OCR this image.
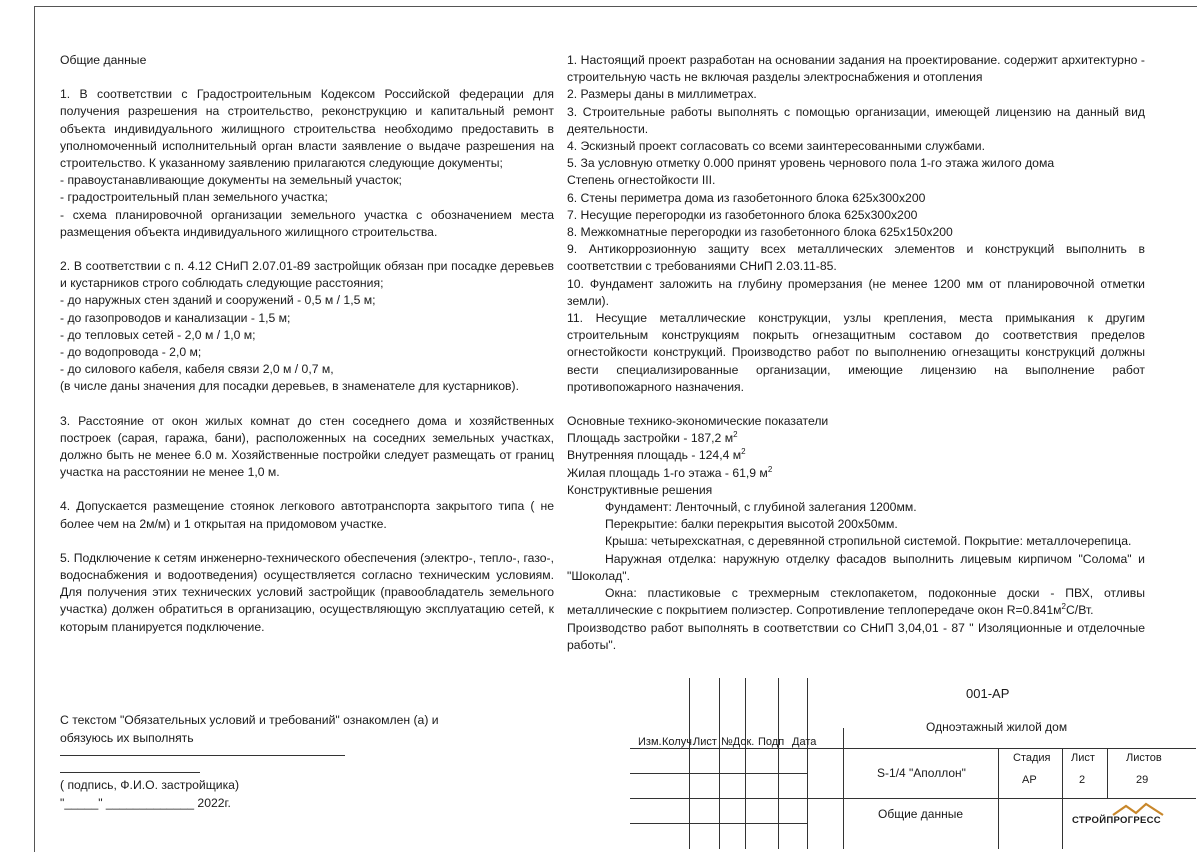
Общие данные

1. В соответствии с Градостроительным Кодексом Российской федерации для получения разрешения на строительство, реконструкцию и капитальный ремонт объекта индивидуального жилищного строительства необходимо предоставить в уполномоченный исполнительный орган власти заявление о выдаче разрешения на строительство. К указанному заявлению прилагаются следующие документы;

- правоустанавливающие документы на земельный участок;

- градостроительный план земельного участка;

- схема планировочной организации земельного участка с обозначением места размещения объекта индивидуального жилищного строительства.

2. В соответствии с п. 4.12 СНиП 2.07.01-89 застройщик обязан при посадке деревьев и кустарников строго соблюдать следующие расстояния;

- до наружных стен зданий и сооружений - 0,5 м / 1,5 м;

- до газопроводов и канализации - 1,5 м;

- до тепловых сетей - 2,0 м / 1,0 м;

- до водопровода - 2,0 м;

- до силового кабеля, кабеля связи 2,0 м / 0,7 м,

(в числе даны значения для посадки деревьев, в знаменателе для кустарников).

3. Расстояние от окон жилых комнат до стен соседнего дома и хозяйственных построек (сарая, гаража, бани), расположенных на соседних земельных участках, должно быть не менее 6.0 м. Хозяйственные постройки следует размещать от границ участка на расстоянии не менее 1,0 м.

4. Допускается размещение стоянок легкового автотранспорта закрытого типа ( не более чем на 2м/м) и 1 открытая на придомовом участке.

5. Подключение к сетям инженерно-технического обеспечения (электро-, тепло-, газо-, водоснабжения и водоотведения) осуществляется согласно техническим условиям. Для получения этих технических условий застройщик (правообладатель земельного участка) должен обратиться в организацию, осуществляющую эксплуатацию сетей, к которым планируется подключение.

1. Настоящий проект разработан на основании задания на проектирование. содержит архитектурно - строительную часть не включая разделы электроснабжения и отопления

2. Размеры даны в миллиметрах.

3. Строительные работы выполнять с помощью организации, имеющей лицензию на данный вид деятельности.

4. Эскизный проект согласовать со всеми заинтересованными службами.

5. За условную отметку 0.000 принят уровень чернового пола 1-го этажа жилого дома

Степень огнестойкости III.

6. Стены периметра дома из газобетонного блока 625х300х200

7. Несущие перегородки из газобетонного блока 625х300х200

8. Межкомнатные перегородки из газобетонного блока 625х150х200

9. Антикоррозионную защиту всех металлических элементов и конструкций выполнить в соответствии с требованиями СНиП 2.03.11-85.

10. Фундамент заложить на глубину промерзания (не менее 1200 мм от планировочной отметки земли).

11. Несущие металлические конструкции, узлы крепления, места примыкания к другим строительным конструкциям покрыть огнезащитным составом до соответствия пределов огнестойкости конструкций. Производство работ по выполнению огнезащиты конструкций должны вести специализированные организации, имеющие лицензию на выполнение работ противопожарного назначения.

Основные технико-экономические показатели

Площадь застройки - 187,2 $м^2$

Внутренняя площадь - 124,4 $м^2$

Жилая площадь 1-го этажа - 61,9 $м^2$

Конструктивные решения

Фундамент: Ленточный, с глубиной залегания 1200мм.

Перекрытие: балки перекрытия высотой 200х50мм.

Крыша: четырехскатная, с деревянной стропильной системой. Покрытие: металлочерепица.

Наружная отделка: наружную отделку фасадов выполнить лицевым кирпичом "Солома" и "Шоколад".

Окна: пластиковые с трехмерным стеклопакетом, подоконные доски - ПВХ, отливы металлические с покрытием полиэстер. Сопротивление теплопередаче окон $R=0.841м^2С/Вт$.

Производство работ выполнять в соответствии со СНиП 3,04,01 - 87 " Изоляционные и отделочные работы".

С текстом "Обязательных условий и требований" ознакомлен (а) и
обязуюсь их выполнять
( подпись, Ф.И.О. застройщика)
"_____" _____________ 2022г.
Изм. Колуч.
Лист №Док. Подп Дата
001-АР
Одноэтажный жилой дом
S-1/4 "Аполлон"
Общие данные
Стадия Лист	Листов
АР	2	29
СТРОЙПРОГРЕСС
